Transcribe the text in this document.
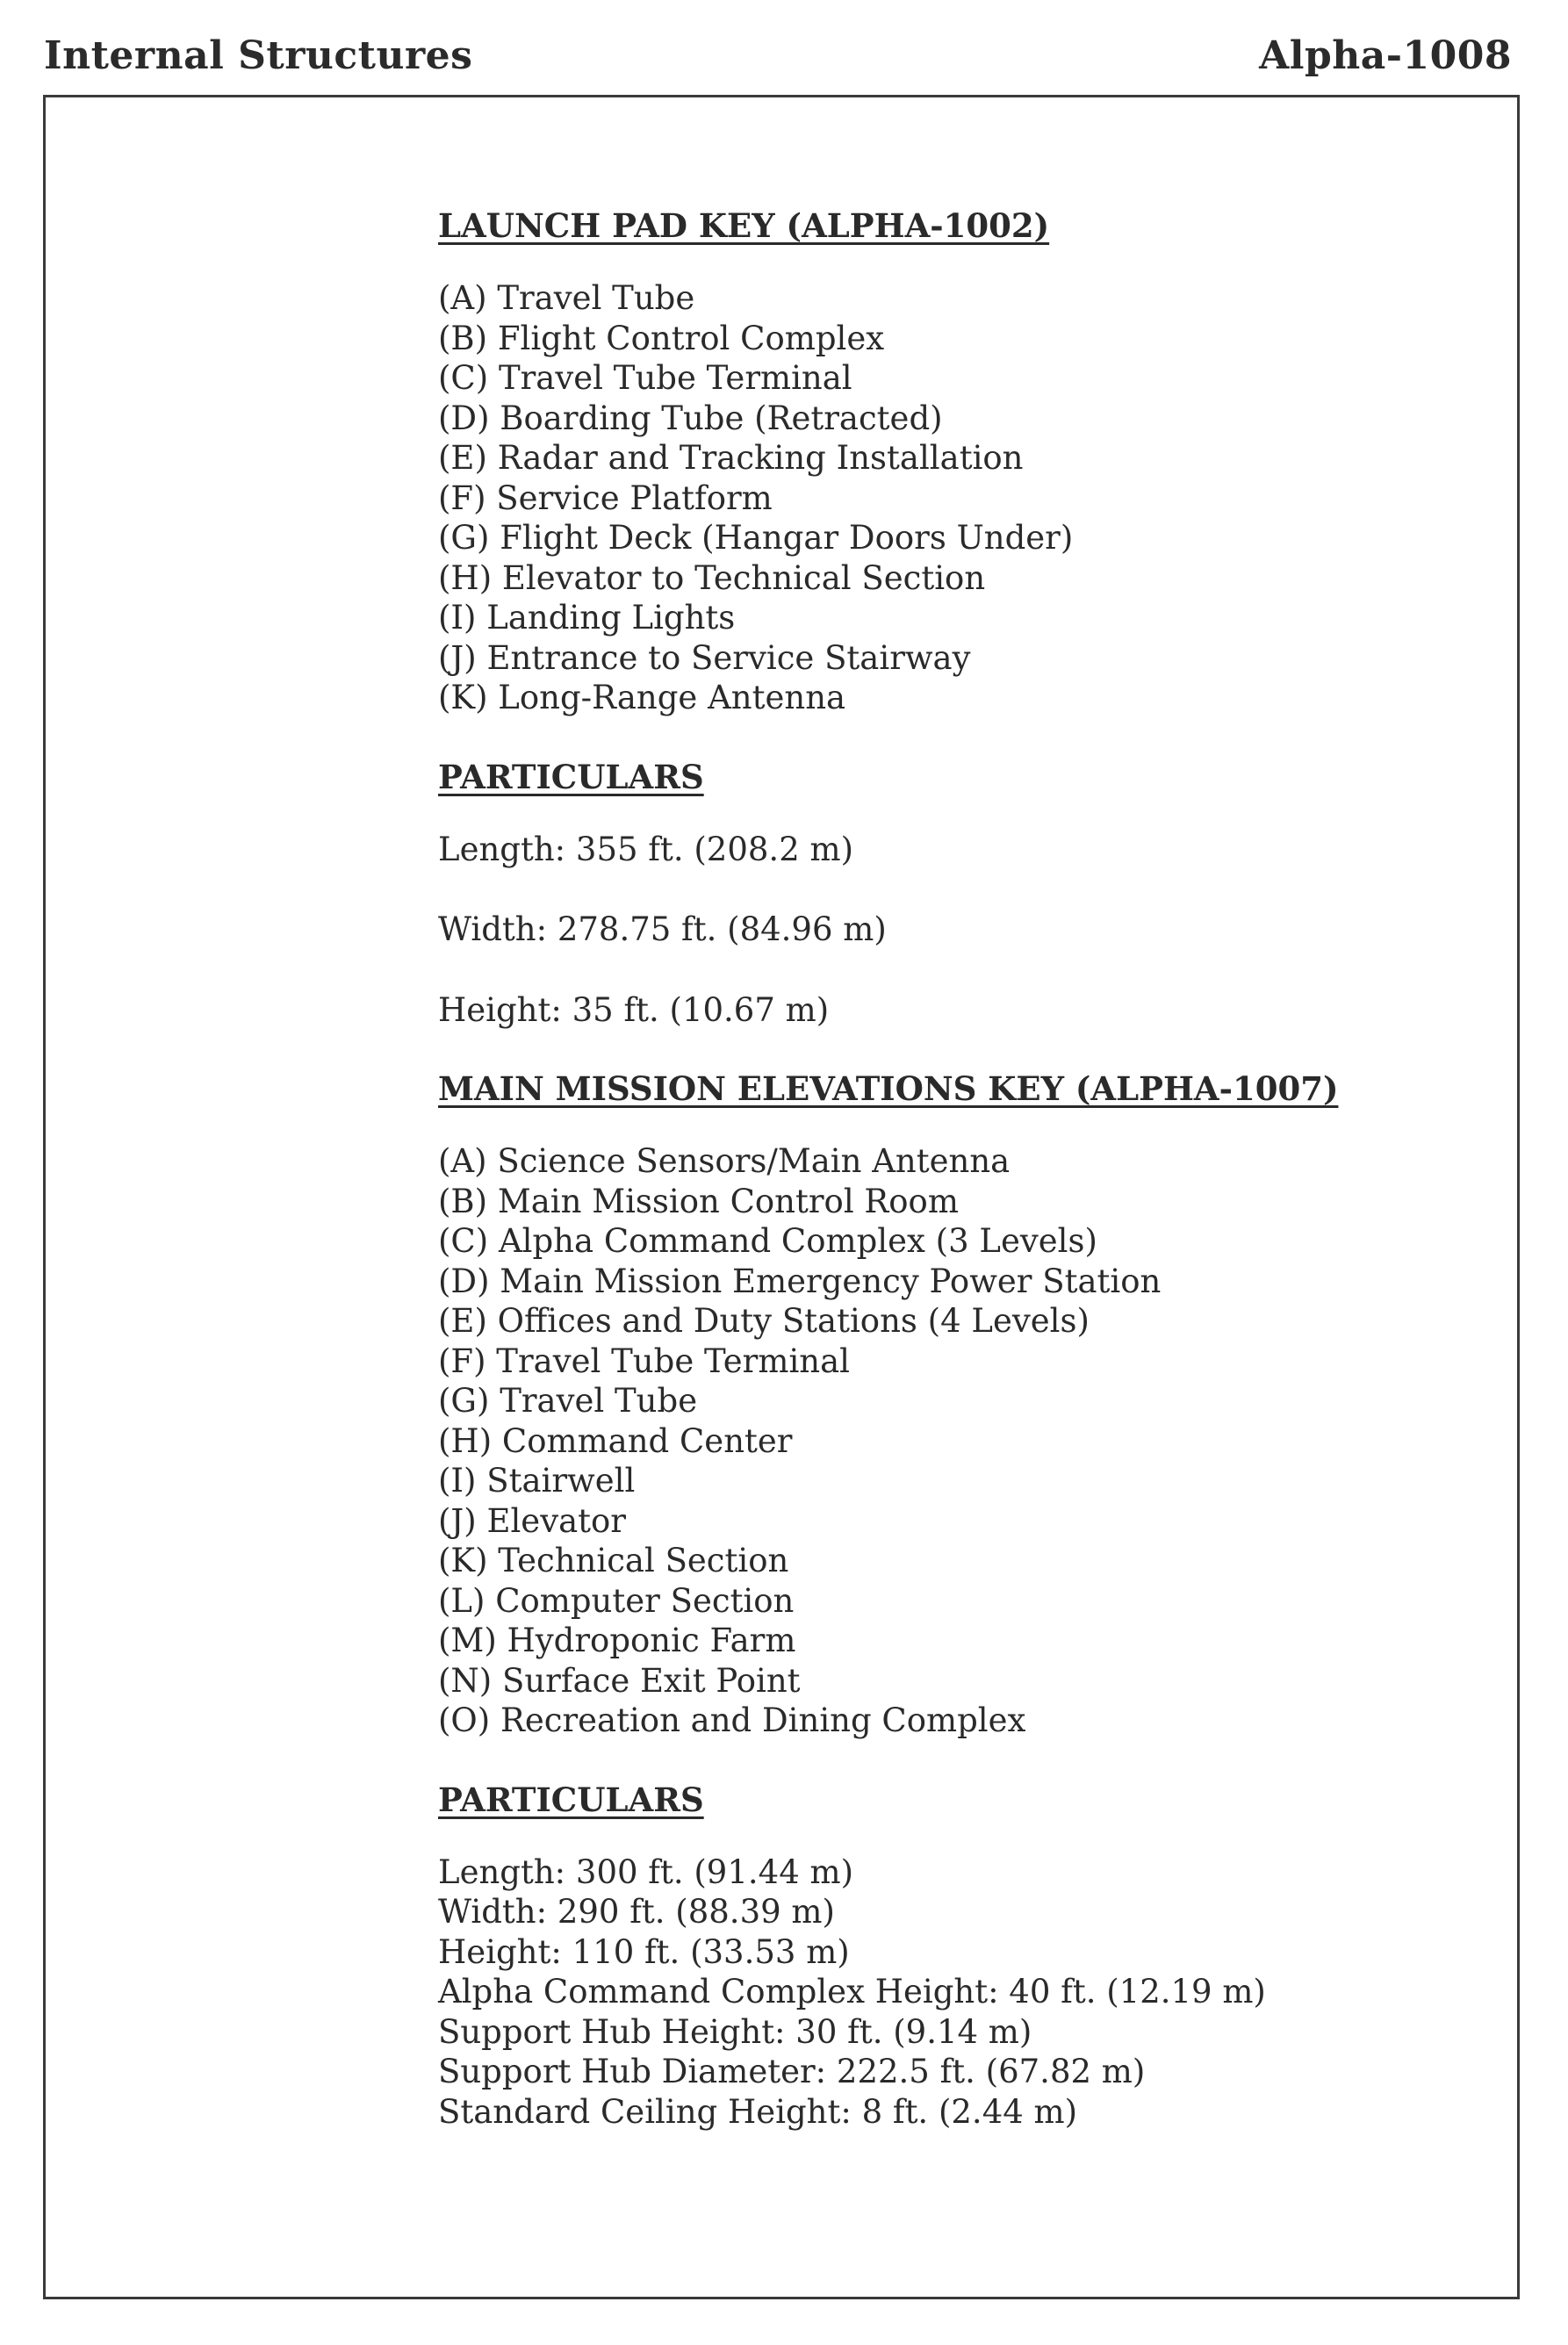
Internal Structures	Alpha-1008
LAUNCH PAD KEY (ALPHA-1002)
(A) Travel Tube
(B) Flight Control Complex
(C) Travel Tube Terminal
(D) Boarding Tube (Retracted)
(E) Radar and Tracking Installation
(F) Service Platform
(G) Flight Deck (Hangar Doors Under)
(H) Elevator to Technical Section
(I) Landing Lights
(J) Entrance to Service Stairway
(K) Long-Range Antenna
PARTICULARS
Length: 355 ft. (208.2 m)
Width: 278.75 ft. (84.96 m)
Height: 35 ft. (10.67 m)
MAIN MISSION ELEVATIONS KEY (ALPHA-1007)
(A) Science Sensors/Main Antenna
(B) Main Mission Control Room
(C) Alpha Command Complex (3 Levels)
(D) Main Mission Emergency Power Station
(E) Offices and Duty Stations (4 Levels)
(F) Travel Tube Terminal
(G) Travel Tube
(H) Command Center
(I) Stairwell
(J) Elevator
(K) Technical Section
(L) Computer Section
(M) Hydroponic Farm
(N) Surface Exit Point
(O) Recreation and Dining Complex
PARTICULARS
Length: 300 ft. (91.44 m)
Width: 290 ft. (88.39 m)
Height: 110 ft. (33.53 m)
Alpha Command Complex Height: 40 ft. (12.19 m)
Support Hub Height: 30 ft. (9.14 m)
Support Hub Diameter: 222.5 ft. (67.82 m)
Standard Ceiling Height: 8 ft. (2.44 m)
